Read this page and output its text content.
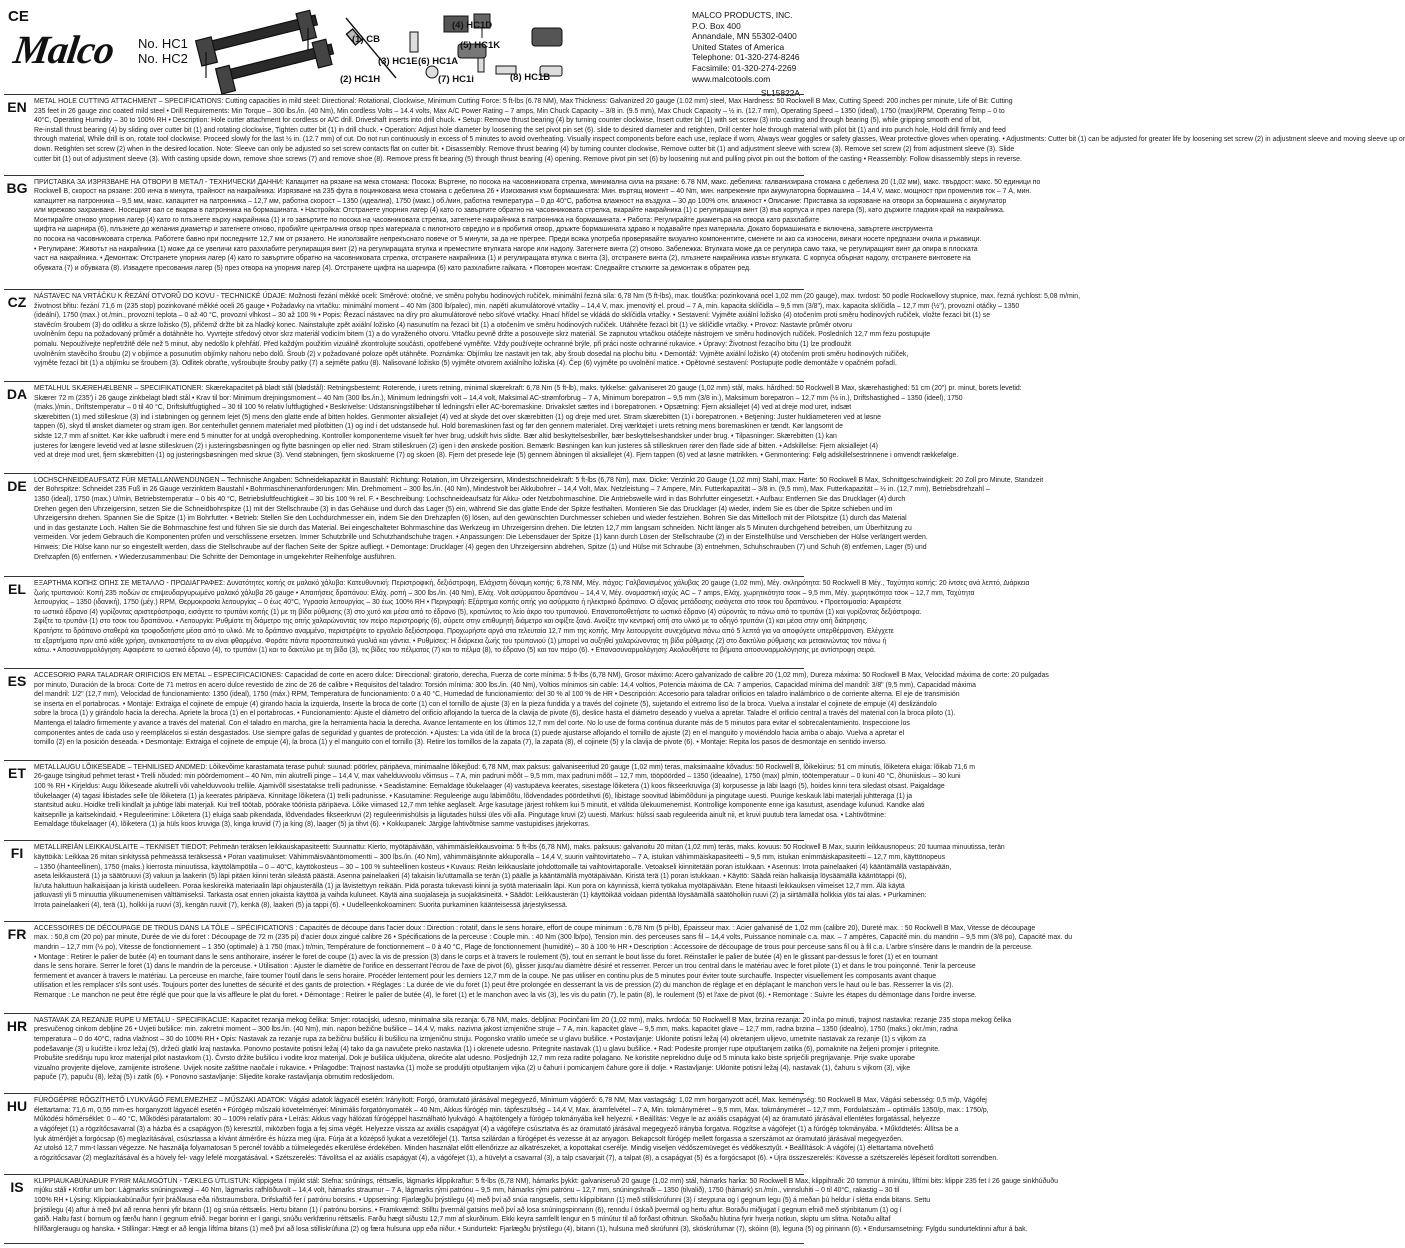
CE
Malco No. HC1
No. HC2
(1) CB
(2) HC1H
(3) HC1E
(4) HC1D
(5) HC1K
(6) HC1A
(7) HC1i	(8) HC1B
MALCO PRODUCTS, INC.
P.O. Box 400
Annandale, MN 55302-0400
United States of America
Telephone: 01-320-274-8246
Facsimile: 01-320-274-2269
www.malcotools.com
SL15822A
EN	METAL HOLE CUTTING ATTACHMENT – SPECIFICATIONS: Cutting capacities in mild steel: Directional: Rotational, Clockwise, Minimum Cutting Force: 5 ft-lbs (6.78 NM), Max Thickness: Galvanized 20 gauge (1.02 mm) steel, Max Hardness: 50 Rockwell B Max, Cutting Speed: 200 inches per minute, Life of Bit: Cutting
235 feet in 26 gauge zinc coated mild steel • Drill Requirements: Min Torque – 300 lbs./in. (40 Nm), Min cordless Volts – 14.4 volts, Max A/C Power Rating – 7 amps, Min Chuck Capacity – 3/8 in. (9.5 mm), Max Chuck Capacity – ½ in. (12.7 mm), Operating Speed – 1350 (ideal), 1750 (max)/RPM, Operating Temp – 0 to
40°C, Operating Humidity – 30 to 100% RH • Description: Hole cutter attachment for cordless or A/C drill. Driveshaft inserts into drill chuck. • Setup: Remove thrust bearing (4) by turning counter clockwise, Insert cutter bit (1) with set screw (3) into casting and through bearing (5), while gripping smooth end of bit,
Re-install thrust bearing (4) by sliding over cutter bit (1) and rotating clockwise, Tighten cutter bit (1) in drill chuck. • Operation: Adjust hole diameter by loosening the set pivot pin set (6). slide to desired diameter and retighten, Drill center hole through material with pilot bit (1) and into punch hole, Hold drill firmly and feed
through material, While drill is on, rotate tool clockwise. Proceed slowly for the last ½ in. (12.7 mm) of cut. Do not run continuously in excess of 5 minutes to avoid overheating. Visually inspect components before each use, replace if worn, Always wear goggles or safety glasses, Wear protective gloves when operating. • Adjustments: Cutter bit (1) can be adjusted for greater life by loosening set screw (2) in adjustment sleeve and moving sleeve up or
down. Retighten set screw (2) when in the desired location. Note: Sleeve can only be adjusted so set screw contacts flat on cutter bit. • Disassembly: Remove thrust bearing (4) by turning counter clockwise, Remove cutter bit (1) and adjustment sleeve with screw (3). Remove set screw (2) from adjustment sleeve (3). Slide
cutter bit (1) out of adjustment sleeve (3). With casting upside down, remove shoe screws (7) and remove shoe (8). Remove press fit bearing (5) through thrust bearing (4) opening. Remove pivot pin set (6) by loosening nut and pulling pivot pin out the bottom of the casting • Reassembly: Follow disassembly steps in reverse.
BG ПРИСТАВКА ЗА ИЗРЯЗВАНЕ НА ОТВОРИ В МЕТАЛ - ТЕХНИЧЕСКИ ДАННИ: Капацитет на рязане на мека стомана: Посока: Въртене, по посока на часовниковата стрелка, минимална сила на рязане: 6.78 NM, макс. дебелина: галванизирана стомана с дебелина 20 (1,02 мм), макс. твърдост: макс. 50 единици по
Rockwell B, скорост на рязане: 200 инча в минута, трайност на накрайника: Изрязване на 235 фута в поцинкована мека стомана с дебелина 26 • Изисквания към бормашината: Мин. въртящ момент – 40 Nm, мин. напрежение при акумулаторна бормашина – 14,4 V, макс. мощност при променлив ток – 7 А, мин.
капацитет на патронника – 9,5 мм, макс. капацитет на патронника – 12,7 мм, работна скорост – 1350 (идеална), 1750 (макс.) об./мин, работна температура – 0 до 40°C, работна влажност на въздуха – 30 до 100% отн. влажност • Описание: Приставка за изрязване на отвори за бормашина с акумулатор
или мрежово захранване. Носещият вал се вкарва в патронника на бормашината. • Настройка: Отстранете упорния лагер (4) като го завъртите обратно на часовниковата стрелка, вкарайте накрайника (1) с регулиращия винт (3) във корпуса и през лагера (5), като държите гладкия край на накрайника.
Монтирайте отново упорния лагер (4) като го плъзнете върху накрайника (1) и го завъртите по посока на часовниковата стрелка, затегнете накрайника в патронника на бормашината. • Работа: Регулирайте диаметъра на отвора като разхлабите
щифта на шарнира (6), плъзнете до желания диаметър и затегнете отново, пробийте централния отвор през материала с пилотното свредло и в пробития отвор, дръжте бормашината здраво и подавайте през материала. Докато бормашината е включена, завъртете инструмента
по посока на часовниковата стрелка. Работете бавно при последните 12,7 мм от рязането. Не използвайте непрекъснато повече от 5 минути, за да не прегрее. Преди всяка употреба проверявайте визуално компонентите, сменете ги ако са износени, винаги носете предпазни очила и ръкавици.
• Регулиране: Животът на накрайника (1) може да се увеличи като разхлабите регулиращия винт (2) на регулиращата втулка и преместите втулката нагоре или надолу. Затегнете винта (2) отново. Забележка: Втулката може да се регулира само така, че регулиращият винт да опира в плоската
част на накрайника. • Демонтаж: Отстранете упорния лагер (4) като го завъртите обратно на часовниковата стрелка, отстранете накрайника (1) и регулиращата втулка с винта (3), отстранете винта (2), плъзнете накрайника извън втулката. С корпуса обърнат надолу, отстранете винтовете на
обувката (7) и обувката (8). Извадете пресования лагер (5) през отвора на упорния лагер (4). Отстранете щифта на шарнира (6) като разхлабите гайката. • Повторен монтаж: Следвайте стъпките за демонтаж в обратен ред.
CZ	NÁSTAVEC NA VRTÁČKU K ŘEZÁNÍ OTVORŮ DO KOVU - TECHNICKÉ ÚDAJE: Možnosti řezání měkké oceli: Směrové: otočné, ve směru pohybu hodinových ručiček, minimální řezná síla: 6,78 Nm (5 ft-lbs), max. tloušťka: pozinkovaná ocel 1,02 mm (20 gauge), max. tvrdost: 50 podle Rockwellovy stupnice, max. řezná rychlost: 5,08 m/min,
životnost břitu: řezání 71,6 m (235 stop) pozinkované měkké oceli 26 gauge • Požadavky na vrtačku: minimální moment – 40 Nm (300 lb/palec), min. napětí akumulátorové vrtačky – 14,4 V, max. jmenovitý el. proud – 7 A, min. kapacita sklíčidla – 9,5 mm (3/8"), max. kapacita sklíčidla – 12,7 mm (½"), provozní otáčky – 1350
(ideální), 1750 (max.) ot./min., provozní teplota – 0 až 40 °C, provozní vlhkost – 30 až 100 % • Popis: Řezací nástavec na díry pro akumulátorové nebo síťové vrtačky. Hnací hřídel se vkládá do sklíčidla vrtačky. • Sestavení: Vyjměte axiální ložisko (4) otočením proti směru hodinových ručiček, vložte řezací bit (1) se
stavěcím šroubem (3) do odlitku a skrze ložisko (5), přičemž držte bit za hladký konec. Nainstalujte zpět axiální ložisko (4) nasunutím na řezací bit (1) a otočením ve směru hodinových ručiček. Utáhněte řezací bit (1) ve sklíčidle vrtačky. • Provoz: Nastavte průměr otvoru
uvolněním čepu na požadovaný průměr a dotáhněte ho. Vyvrtejte středový otvor skrz materiál vodicím bitem (1) a do vyraženého otvoru. Vrtačku pevně držte a posouvejte skrz materiál. Se zapnutou vrtačkou otáčejte nástrojem ve směru hodinových ručiček. Posledních 12,7 mm řezu postupujte
pomalu. Nepoužívejte nepřetržitě déle než 5 minut, aby nedošlo k přehřátí. Před každým použitím vizuálně zkontrolujte součásti, opotřebené vyměňte. Vždy používejte ochranné brýle, při práci noste ochranné rukavice. • Úpravy: Životnost řezacího bitu (1) lze prodloužit
uvolněním stavěcího šroubu (2) v objímce a posunutím objímky nahoru nebo dolů. Šroub (2) v požadované poloze opět utáhněte. Poznámka: Objímku lze nastavit jen tak, aby šroub dosedal na plochu bitu. • Demontáž: Vyjměte axiální ložisko (4) otočením proti směru hodinových ručiček,
vyjměte řezací bit (1) a objímku se šroubem (3). Odlitek obraťte, vyšroubujte šrouby patky (7) a sejměte patku (8). Nalisované ložisko (5) vyjměte otvorem axiálního ložiska (4). Čep (6) vyjměte po uvolnění matice. • Opětovné sestavení: Postupujte podle demontáže v opačném pořadí.
DA METALHUL SKÆREHÆLBENR – SPECIFIKATIONER: Skærekapacitet på blødt stål (blødstål): Retningsbestemt: Roterende, i urets retning, minimal skærekraft: 6,78 Nm (5 ft-lb), maks. tykkelse: galvaniseret 20 gauge (1,02 mm) stål, maks. hårdhed: 50 Rockwell B Max, skærehastighed: 51 cm (20") pr. minut, borets levetid:
Skærer 72 m (235') i 26 gauge zinkbelagt blødt stål • Krav til bor: Minimum drejningsmoment – 40 Nm (300 lbs./in.), Minimum ledningsfri volt – 14,4 volt, Maksimal AC-strømforbrug – 7 A, Minimum borepatron – 9,5 mm (3/8 in.), Maksimum borepatron – 12,7 mm (½ in.), Driftshastighed – 1350 (ideel), 1750
(maks.)/min., Driftstemperatur – 0 til 40 °C, Driftsluftfugtighed – 30 til 100 % relativ luftfugtighed • Beskrivelse: Udstansningstilbehør til ledningsfri eller AC-boremaskine. Drivakslet sættes ind i borepatronen. • Opsætning: Fjern aksiallejet (4) ved at dreje mod uret, indsæt
skærebitten (1) med stilleskrue (3) ind i støbningen og gennem lejet (5) mens den glatte ende af bitten holdes. Genmonter aksiallejet (4) ved at skyde det over skærebitten (1) og dreje med uret. Stram skærebitten (1) i borepatronen. • Betjening: Juster huldiameteren ved at løsne
tappen (6), skyd til ønsket diameter og stram igen. Bor centerhullet gennem materialet med pilotbitten (1) og ind i det udstansede hul. Hold boremaskinen fast og før den gennem materialet. Drej værktøjet i urets retning mens boremaskinen er tændt. Kør langsomt de
sidste 12,7 mm af snittet. Kør ikke uafbrudt i mere end 5 minutter for at undgå overophedning. Kontroller komponenterne visuelt før hver brug, udskift hvis slidte. Bær altid beskyttelsesbriller, bær beskyttelseshandsker under brug. • Tilpasninger: Skærebitten (1) kan
justeres for længere levetid ved at løsne stilleskruen (2) i justeringsbøsningen og flytte bøsningen op eller ned. Stram stilleskruen (2) igen i den ønskede position. Bemærk: Bøsningen kan kun justeres så stilleskruen rører den flade side af bitten. • Adskillelse: Fjern aksiallejet (4)
ved at dreje mod uret, fjern skærebitten (1) og justeringsbøsningen med skrue (3). Vend støbningen, fjern skoskruerne (7) og skoen (8). Fjern det presede leje (5) gennem åbningen til aksiallejet (4). Fjern tappen (6) ved at løsne møtrikken. • Genmontering: Følg adskillelsestrinnene i omvendt rækkefølge.
DE	LOCHSCHNEIDEAUFSATZ FÜR METALLANWENDUNGEN – Technische Angaben: Schneidekapazität in Baustahl: Richtung: Rotation, im Uhrzeigersinn, Mindestschneidekraft: 5 ft-lbs (6,78 Nm), max. Dicke: Verzinkt 20 Gauge (1,02 mm) Stahl, max. Härte: 50 Rockwell B Max, Schnittgeschwindigkeit: 20 Zoll pro Minute, Standzeit
der Bohrspitze: Schneidet 235 Fuß in 26 Gauge verzinktem Baustahl • Bohrmaschinenanforderungen: Min. Drehmoment – 300 lbs./in. (40 Nm), Mindestvolt bei Akkubohrer – 14,4 Volt, Max. Netzleistung – 7 Ampere, Min. Futterkapazität – 3/8 in. (9,5 mm), Max. Futterkapazität – ½ in. (12,7 mm), Betriebsdrehzahl –
1350 (ideal), 1750 (max.) U/min, Betriebstemperatur – 0 bis 40 °C, Betriebsluftfeuchtigkeit – 30 bis 100 % rel. F. • Beschreibung: Lochschneideaufsatz für Akku- oder Netzbohrmaschine. Die Antriebswelle wird in das Bohrfutter eingesetzt. • Aufbau: Entfernen Sie das Drucklager (4) durch
Drehen gegen den Uhrzeigersinn, setzen Sie die Schneidbohrspitze (1) mit der Stellschraube (3) in das Gehäuse und durch das Lager (5) ein, während Sie das glatte Ende der Spitze festhalten. Montieren Sie das Drucklager (4) wieder, indem Sie es über die Spitze schieben und im
Uhrzeigersinn drehen. Spannen Sie die Spitze (1) im Bohrfutter. • Betrieb: Stellen Sie den Lochdurchmesser ein, indem Sie den Drehzapfen (6) lösen, auf den gewünschten Durchmesser schieben und wieder festziehen. Bohren Sie das Mittelloch mit der Pilotspitze (1) durch das Material
und in das gestanzte Loch. Halten Sie die Bohrmaschine fest und führen Sie sie durch das Material. Bei eingeschalteter Bohrmaschine das Werkzeug im Uhrzeigersinn drehen. Die letzten 12,7 mm langsam schneiden. Nicht länger als 5 Minuten durchgehend betreiben, um Überhitzung zu
vermeiden. Vor jedem Gebrauch die Komponenten prüfen und verschlissene ersetzen. Immer Schutzbrille und Schutzhandschuhe tragen. • Anpassungen: Die Lebensdauer der Spitze (1) kann durch Lösen der Stellschraube (2) in der Einstellhülse und Verschieben der Hülse verlängert werden.
Hinweis: Die Hülse kann nur so eingestellt werden, dass die Stellschraube auf der flachen Seite der Spitze aufliegt. • Demontage: Drucklager (4) gegen den Uhrzeigersinn abdrehen, Spitze (1) und Hülse mit Schraube (3) entnehmen, Schuhschrauben (7) und Schuh (8) entfernen, Lager (5) und
Drehzapfen (6) entfernen. • Wiederzusammenbau: Die Schritte der Demontage in umgekehrter Reihenfolge ausführen.
EL	ΕΞΑΡΤΗΜΑ ΚΟΠΗΣ ΟΠΗΣ ΣΕ ΜΕΤΑΛΛΟ - ΠΡΟΔΙΑΓΡΑΦΕΣ: Δυνατότητες κοπής σε μαλακό χάλυβα: Κατευθυντική: Περιστροφική, δεξιόστροφη, Ελάχιστη δύναμη κοπής: 6,78 NM, Μέγ. πάχος: Γαλβανισμένος χάλυβας 20 gauge (1,02 mm), Μέγ. σκληρότητα: 50 Rockwell B Μέγ., Ταχύτητα κοπής: 20 ίντσες ανά λεπτό, Διάρκεια
ζωής τρυπανιού: Κοπή 235 ποδών σε επιψευδαργυρωμένο μαλακό χάλυβα 26 gauge • Απαιτήσεις δραπάνου: Ελάχ. ροπή – 300 lbs./in. (40 Nm), Ελάχ. Volt ασύρματου δραπάνου – 14,4 V, Μέγ. ονομαστική ισχύς AC – 7 amps, Ελάχ. χωρητικότητα τσοκ – 9,5 mm, Μέγ. χωρητικότητα τσοκ – 12,7 mm, Ταχύτητα
λειτουργίας – 1350 (ιδανική), 1750 (μέγ.) RPM, Θερμοκρασία λειτουργίας – 0 έως 40°C, Υγρασία λειτουργίας – 30 έως 100% RH • Περιγραφή: Εξάρτημα κοπής οπής για ασύρματο ή ηλεκτρικό δράπανο. Ο άξονας μετάδοσης εισάγεται στο τσοκ του δραπάνου. • Προετοιμασία: Αφαιρέστε
το ωστικό έδρανο (4) γυρίζοντας αριστερόστροφα, εισάγετε το τρυπάνι κοπής (1) με τη βίδα ρύθμισης (3) στο χυτό και μέσα από το έδρανο (5), κρατώντας το λείο άκρο του τρυπανιού. Επανατοποθετήστε το ωστικό έδρανο (4) σύροντάς το πάνω από το τρυπάνι (1) και γυρίζοντας δεξιόστροφα.
Σφίξτε το τρυπάνι (1) στο τσοκ του δραπάνου. • Λειτουργία: Ρυθμίστε τη διάμετρο της οπής χαλαρώνοντας τον πείρο περιστροφής (6), σύρετε στην επιθυμητή διάμετρο και σφίξτε ξανά. Ανοίξτε την κεντρική οπή στο υλικό με το οδηγό τρυπάνι (1) και μέσα στην οπή διάτρησης.
Κρατήστε το δράπανο σταθερά και τροφοδοτήστε μέσα από το υλικό. Με το δράπανο αναμμένο, περιστρέψτε το εργαλείο δεξιόστροφα. Προχωρήστε αργά στα τελευταία 12,7 mm της κοπής. Μην λειτουργείτε συνεχόμενα πάνω από 5 λεπτά για να αποφύγετε υπερθέρμανση. Ελέγχετε
τα εξαρτήματα πριν από κάθε χρήση, αντικαταστήστε τα αν είναι φθαρμένα. Φοράτε πάντα προστατευτικά γυαλιά και γάντια. • Ρυθμίσεις: Η διάρκεια ζωής του τρυπανιού (1) μπορεί να αυξηθεί χαλαρώνοντας τη βίδα ρύθμισης (2) στο δακτύλιο ρύθμισης και μετακινώντας τον πάνω ή
κάτω. • Αποσυναρμολόγηση: Αφαιρέστε το ωστικό έδρανο (4), το τρυπάνι (1) και το δακτύλιο με τη βίδα (3), τις βίδες του πέλματος (7) και το πέλμα (8), το έδρανο (5) και τον πείρο (6). • Επανασυναρμολόγηση: Ακολουθήστε τα βήματα αποσυναρμολόγησης με αντίστροφη σειρά.
ES	ACCESORIO PARA TALADRAR ORIFICIOS EN METAL – ESPECIFICACIONES: Capacidad de corte en acero dulce: Direccional: giratorio, derecha, Fuerza de corte mínima: 5 ft-lbs (6,78 NM), Grosor máximo: Acero galvanizado de calibre 20 (1,02 mm), Dureza máxima: 50 Rockwell B Max, Velocidad máxima de corte: 20 pulgadas
por minuto, Duración de la broca: Corte de 71 metros en acero dulce revestido de zinc de 26 de calibre • Requisitos del taladro: Torsión mínima: 300 lbs./in. (40 Nm), Voltios mínimos sin cable: 14,4 voltios, Potencia máxima de CA: 7 amperios, Capacidad mínima del mandril: 3/8" (9,5 mm), Capacidad máxima
del mandril: 1/2" (12,7 mm), Velocidad de funcionamiento: 1350 (ideal), 1750 (máx.) RPM, Temperatura de funcionamiento: 0 a 40 °C, Humedad de funcionamiento: del 30 % al 100 % de HR • Descripción: Accesorio para taladrar orificios en taladro inalámbrico o de corriente alterna. El eje de transmisión
se inserta en el portabrocas. • Montaje: Extraiga el cojinete de empuje (4) girando hacia la izquierda, Inserte la broca de corte (1) con el tornillo de ajuste (3) en la pieza fundida y a través del cojinete (5), sujetando el extremo liso de la broca. Vuelva a instalar el cojinete de empuje (4) deslizándolo
sobre la broca (1) y girándolo hacia la derecha. Apriete la broca (1) en el portabrocas. • Funcionamiento: Ajuste el diámetro del orificio aflojando la tuerca de la clavija de pivote (6), deslice hasta el diámetro deseado y vuelva a apretar. Taladre el orificio central a través del material con la broca piloto (1).
Mantenga el taladro firmemente y avance a través del material. Con el taladro en marcha, gire la herramienta hacia la derecha. Avance lentamente en los últimos 12,7 mm del corte. No lo use de forma continua durante más de 5 minutos para evitar el sobrecalentamiento. Inspeccione los
componentes antes de cada uso y reemplácelos si están desgastados. Use siempre gafas de seguridad y guantes de protección. • Ajustes: La vida útil de la broca (1) puede ajustarse aflojando el tornillo de ajuste (2) en el manguito y moviéndolo hacia arriba o abajo. Vuelva a apretar el
tornillo (2) en la posición deseada. • Desmontaje: Extraiga el cojinete de empuje (4), la broca (1) y el manguito con el tornillo (3). Retire los tornillos de la zapata (7), la zapata (8), el cojinete (5) y la clavija de pivote (6). • Montaje: Repita los pasos de desmontaje en sentido inverso.
ET	METALLAUGU LÕIKESEADE – TEHNILISED ANDMED: Lõikevõime karastamata terase puhul: suunad: pöörlev, päripäeva, minimaalne lõikejõud: 6,78 NM, max paksus: galvaniseeritud 20 gauge (1,02 mm) teras, maksimaalne kõvadus: 50 Rockwell B, lõikekiirus: 51 cm minutis, lõiketera eluiga: lõikab 71,6 m
26-gauge tsingitud pehmet terast • Trelli nõuded: min pöördemoment – 40 Nm, min akutrelli pinge – 14,4 V, max vahelduvvoolu võimsus – 7 A, min padruni mõõt – 9,5 mm, max padruni mõõt – 12,7 mm, tööpöörded – 1350 (ideaalne), 1750 (max) p/min, töötemperatuur – 0 kuni 40 °C, õhuniiskus – 30 kuni
100 % RH • Kirjeldus: Augu lõikeseade akutrelli või vahelduvvoolu trellile. Ajamivõll sisestatakse trelli padrunisse. • Seadistamine: Eemaldage tõukelaager (4) vastupäeva keerates, sisestage lõiketera (1) koos fikseerkruviga (3) korpusesse ja läbi laagri (5), hoides kinni tera siledast otsast. Paigaldage
tõukelaager (4) tagasi libistades selle üle lõiketera (1) ja keerates päripäeva. Kinnitage lõiketera (1) trelli padrunisse. • Kasutamine: Reguleerige augu läbimõõtu, lõdvendades pöördetihvti (6), libistage soovitud läbimõõduni ja pingutage uuesti. Puurige keskauk läbi materjali juhtteraga (1) ja
stantsitud auku. Hoidke trelli kindlalt ja juhtige läbi materjali. Kui trell töötab, pöörake tööriista päripäeva. Lõike viimased 12,7 mm tehke aeglaselt. Ärge kasutage järjest rohkem kui 5 minutit, et vältida ülekuumenemist. Kontrollige komponente enne iga kasutust, asendage kulunud. Kandke alati
kaitseprille ja kaitsekindaid. • Reguleerimine: Lõiketera (1) eluiga saab pikendada, lõdvendades fikseerkruvi (2) reguleerimishülsis ja liigutades hülssi üles või alla. Pingutage kruvi (2) uuesti. Märkus: hülssi saab reguleerida ainult nii, et kruvi puutub tera lamedat osa. • Lahtivõtmine:
Eemaldage tõukelaager (4), lõiketera (1) ja hüls koos kruviga (3), kinga kruvid (7) ja king (8), laager (5) ja tihvt (6). • Kokkupanek: Järgige lahtivõtmise samme vastupidises järjekorras.
FI	METALLIREIÄN LEIKKAUSLAITE – TEKNISET TIEDOT: Pehmeän teräksen leikkauskapasiteetti: Suunnattu: Kierto, myötäpäivään, vähimmäisleikkausvoima: 5 ft-lbs (6,78 NM), maks. paksuus: galvanoitu 20 mitan (1,02 mm) teräs, maks. kovuus: 50 Rockwell B Max, suurin leikkausnopeus: 20 tuumaa minuutissa, terän
käyttöikä: Leikkaa 26 mitan sinkityssä pehmeässä teräksessä • Poran vaatimukset: Vähimmäisvääntömomentti – 300 lbs./in. (40 Nm), vähimmäisjännite akkuporalla – 14,4 V, suurin vaihtovirtateho – 7 A, istukan vähimmäiskapasiteetti – 9,5 mm, istukan enimmäiskapasiteetti – 12,7 mm, käyttönopeus
– 1350 (ihanteellinen), 1750 (maks.) kierrosta minuutissa, käyttölämpötila – 0 – 40°C, käyttökosteus – 30 – 100 % suhteellinen kosteus • Kuvaus: Reiän leikkauslaite johdottomalle tai vaihtovirtaporalle. Vetoakseli kiinnitetään poran istukkaan. • Asennus: Irrota painelaakeri (4) kääntämällä vastapäivään,
aseta leikkausterä (1) ja säätöruuvi (3) valuun ja laakerin (5) läpi pitäen kiinni terän sileästä päästä. Asenna painelaakeri (4) takaisin liu'uttamalla se terän (1) päälle ja kääntämällä myötäpäivään. Kiristä terä (1) poran istukkaan. • Käyttö: Säädä reiän halkaisija löysäämällä kääntötappi (6),
liu'uta haluttuun halkaisijaan ja kiristä uudelleen. Poraa keskireikä materiaalin läpi ohjausterällä (1) ja lävistettyyn reikään. Pidä porasta tukevasti kiinni ja syötä materiaalin läpi. Kun pora on käynnissä, kierrä työkalua myötäpäivään. Etene hitaasti leikkauksen viimeiset 12,7 mm. Älä käytä
jatkuvasti yli 5 minuuttia ylikuumenemisen välttämiseksi. Tarkasta osat ennen jokaista käyttöä ja vaihda kuluneet. Käytä aina suojalaseja ja suojakäsineitä. • Säädöt: Leikkausterän (1) käyttöikää voidaan pidentää löysäämällä säätöholkin ruuvi (2) ja siirtämällä holkkia ylös tai alas. • Purkaminen:
Irrota painelaakeri (4), terä (1), holkki ja ruuvi (3), kengän ruuvit (7), kenkä (8), laakeri (5) ja tappi (6). • Uudelleenkokoaminen: Suorita purkaminen käänteisessä järjestyksessä.
FR	ACCESSOIRES DE DÉCOUPAGE DE TROUS DANS LA TÔLE – SPÉCIFICATIONS : Capacités de découpe dans l'acier doux : Direction : rotatif, dans le sens horaire, effort de coupe minimum : 6,78 Nm (5 pi-lb), Épaisseur max. : Acier galvanisé de 1,02 mm (calibre 20), Dureté max. : 50 Rockwell B Max, Vitesse de découpage
max. : 50,8 cm (20 po) par minute, Durée de vie du foret : Découpage de 72 m (235 pi) d'acier doux zingué calibre 26 • Spécifications de la perceuse : Couple min. : 40 Nm (300 lb/po), Tension min. des perceuses sans fil – 14,4 volts, Puissance nominale c.a. max. – 7 ampères, Capacité min. du mandrin – 9,5 mm (3/8 po), Capacité max. du
mandrin – 12,7 mm (½ po), Vitesse de fonctionnement – 1 350 (optimale) à 1 750 (max.) tr/min, Température de fonctionnement – 0 à 40 °C, Plage de fonctionnement (humidité) – 30 à 100 % HR • Description : Accessoire de découpage de trous pour perceuse sans fil ou à fil c.a. L'arbre s'insère dans le mandrin de la perceuse.
• Montage : Retirer le palier de butée (4) en tournant dans le sens antihoraire, insérer le foret de coupe (1) avec la vis de pression (3) dans le corps et à travers le roulement (5), tout en serrant le bout lisse du foret. Réinstaller le palier de butée (4) en le glissant par-dessus le foret (1) et en tournant
dans le sens horaire. Serrer le foret (1) dans le mandrin de la perceuse. • Utilisation : Ajuster le diamètre de l'orifice en desserrant l'écrou de l'axe de pivot (6), glisser jusqu'au diamètre désiré et resserrer. Percer un trou central dans le matériau avec le foret pilote (1) et dans le trou poinçonné. Tenir la perceuse
fermement et avancer à travers le matériau. La perceuse en marche, faire tourner l'outil dans le sens horaire. Procéder lentement pour les derniers 12,7 mm de la coupe. Ne pas utiliser en continu plus de 5 minutes pour éviter toute surchauffe. Inspecter visuellement les composants avant chaque
utilisation et les remplacer s'ils sont usés. Toujours porter des lunettes de sécurité et des gants de protection. • Réglages : La durée de vie du foret (1) peut être prolongée en desserrant la vis de pression (2) du manchon de réglage et en déplaçant le manchon vers le haut ou le bas. Resserrer la vis (2).
Remarque : Le manchon ne peut être réglé que pour que la vis affleure le plat du foret. • Démontage : Retirer le palier de butée (4), le foret (1) et le manchon avec la vis (3), les vis du patin (7), le patin (8), le roulement (5) et l'axe de pivot (6). • Remontage : Suivre les étapes du démontage dans l'ordre inverse.
HR NASTAVAK ZA REZANJE RUPE U METALU - SPECIFIKACIJE: Kapacitet rezanja mekog čelika: Smjer: rotacijski, udesno, minimalna sila rezanja: 6,78 NM, maks. debljina: Pocinčani lim 20 (1,02 mm), maks. tvrdoća: 50 Rockwell B Max, brzina rezanja: 20 inča po minuti, trajnost nastavka: rezanje 235 stopa mekog čelika
presvučenog cinkom debljine 26 • Uvjeti bušilice: min. zakretni moment – 300 lbs./in. (40 Nm), min. napon bežične bušilice – 14,4 V, maks. nazivna jakost izmjenične struje – 7 A, min. kapacitet glave – 9,5 mm, maks. kapacitet glave – 12,7 mm, radna brzina – 1350 (idealno), 1750 (maks.) okr./min, radna
temperatura – 0 do 40°C, radna vlažnost – 30 do 100% RH • Opis: Nastavak za rezanje rupa za bežičnu bušilicu ili bušilicu na izmjeničnu struju. Pogonsko vratilo umeće se u glavu bušilice. • Postavljanje: Uklonite potisni ležaj (4) okretanjem ulijevo, umetnite nastavak za rezanje (1) s vijkom za
podešavanje (3) u kućište i kroz ležaj (5), držeći glatki kraj nastavka. Ponovno postavite potisni ležaj (4) tako da ga navučete preko nastavka (1) i okrenete udesno. Pritegnite nastavak (1) u glavu bušilice. • Rad: Podesite promjer rupe otpuštanjem zatika (6), pomaknite na željeni promjer i pritegnite.
Probušite središnju rupu kroz materijal pilot nastavkom (1). Čvrsto držite bušilicu i vodite kroz materijal. Dok je bušilica uključena, okrećite alat udesno. Posljednjih 12,7 mm reza radite polagano. Ne koristite neprekidno dulje od 5 minuta kako biste spriječili pregrijavanje. Prije svake uporabe
vizualno provjerite dijelove, zamijenite istrošene. Uvijek nosite zaštitne naočale i rukavice. • Prilagodbe: Trajnost nastavka (1) može se produljiti otpuštanjem vijka (2) u čahuri i pomicanjem čahure gore ili dolje. • Rastavljanje: Uklonite potisni ležaj (4), nastavak (1), čahuru s vijkom (3), vijke
papuče (7), papuču (8), ležaj (5) i zatik (6). • Ponovno sastavljanje: Slijedite korake rastavljanja obrnutim redoslijedom.
HU FÚRÓGÉPRE RÖGZÍTHETŐ LYUKVÁGÓ FEMLEMEZHEZ – MŰSZAKI ADATOK: Vágási adatok lágyacél esetén: Irányított: Forgó, óramutató járásával megegyező, Minimum vágóerő: 6,78 NM, Max vastagság: 1,02 mm horganyzott acél, Max. keménység: 50 Rockwell B Max, Vágási sebesség: 0,5 m/p, Vágófej
élettartama: 71,6 m, 0,55 mm-es horganyzott lágyacél esetén • Fúrógép műszaki követelményei: Minimális forgatónyomaték – 40 Nm, Akkus fúrógép min. tápfeszültség – 14,4 V, Max. áramfelvétel – 7 A, Min. tokmányméret – 9,5 mm, Max. tokmányméret – 12,7 mm, Fordulatszám – optimális 1350/p, max.: 1750/p,
Működési hőmérséklet: 0 – 40 °C, Működési páratartalom: 30 – 100% relatív pára • Leírás: Akkus vagy hálózati fúrógéppel használható lyukvágó. A hajtótengely a fúrógép tokmányába kell helyezni. • Beállítás: Vegye le az axiális csapágyat (4) az óramutató járásával ellentétes forgatással, helyezze
a vágófejet (1) a rögzítőcsavarral (3) a házba és a csapágyon (5) keresztül, miközben fogja a fej sima végét. Helyezze vissza az axiális csapágyat (4) a vágófejre csúsztatva és az óramutató járásával megegyező irányba forgatva. Rögzítse a vágófejet (1) a fúrógép tokmányába. • Működtetés: Állítsa be a
lyuk átmérőjét a forgócsap (6) meglazításával, csúsztassa a kívánt átmérőre és húzza meg újra. Fúrja át a középső lyukat a vezetőfejjel (1). Tartsa szilárdan a fúrógépet és vezesse át az anyagon. Bekapcsolt fúrógép mellett forgassa a szerszámot az óramutató járásával megegyezően.
Az utolsó 12,7 mm-t lassan végezze. Ne használja folyamatosan 5 percnél tovább a túlmelegedés elkerülése érdekében. Minden használat előtt ellenőrizze az alkatrészeket, a kopottakat cserélje. Mindig viseljen védőszemüveget és védőkesztyűt. • Beállítások: A vágófej (1) élettartama növelhető
a rögzítőcsavar (2) meglazításával és a hüvely fel- vagy lefelé mozgatásával. • Szétszerelés: Távolítsa el az axiális csapágyat (4), a vágófejet (1), a hüvelyt a csavarral (3), a talp csavarjait (7), a talpat (8), a csapágyat (5) és a forgócsapot (6). • Újra összeszerelés: Kövesse a szétszerelés lépéseit fordított sorrendben.
IS	KLIPPIAUKABÚNAÐUR FYRIR MÁLMGÖTUN - TÆKLEG ÚTLISTUN: Klippigeta í mjúkt stál: Stefna: snúnings, réttsælis, lágmarks klippikraftur: 5 ft-lbs (6,78 NM), hámarks þykkt: galvaniseruð 20 gauge (1,02 mm) stál, hámarks harka: 50 Rockwell B Max, klippihraði: 20 tommur á mínútu, líftími bits: klippir 235 fet í 26 gauge sinkhúðuðu
mjúku stáli • Kröfur um bor: Lágmarks snúningsvægi – 40 Nm, lágmarks rafhlöðuvolt – 14,4 volt, hámarks straumur – 7 A, lágmarks rými patrónu – 9,5 mm, hámarks rými patrónu – 12,7 mm, snúningshraði – 1350 (tilvalið), 1750 (hámark) sn./mín., vinnsluhiti – 0 til 40°C, rakastig – 30 til
100% RH • Lýsing: Klippiaukabúnaður fyrir þráðlausa eða riðstraumsbora. Drifskaftið fer í patrónu borsins. • Uppsetning: Fjarlægðu þrýstilegu (4) með því að snúa rangsælis, settu klippibitann (1) með stilliskrúfunni (3) í steypuna og í gegnum legu (5) á meðan þú heldur í slétta enda bitans. Settu
þrýstilegu (4) aftur á með því að renna henni yfir bitann (1) og snúa réttsælis. Hertu bitann (1) í patrónu borsins. • Framkvæmd: Stilltu þvermál gatsins með því að losa snúningspinnann (6), renndu í óskað þvermál og hertu aftur. Boraðu miðjugat í gegnum efnið með stýribitanum (1) og í
gatið. Haltu fast í bornum og færðu hann í gegnum efnið. Þegar borinn er í gangi, snúðu verkfærinu réttsælis. Farðu hægt síðustu 12,7 mm af skurðinum. Ekki keyra samfellt lengur en 5 mínútur til að forðast ofhitnun. Skoðaðu hlutina fyrir hverja notkun, skiptu um slitna. Notaðu alltaf
hlífðargleraugu og hanska. • Stillingar: Hægt er að lengja líftíma bitans (1) með því að losa stilliskrúfuna (2) og færa hulsuna upp eða niður. • Sundurtekt: Fjarlægðu þrýstilegu (4), bitann (1), hulsuna með skrúfunni (3), skóskrúfurnar (7), skóinn (8), leguna (5) og pinnann (6). • Endursamsetning: Fylgdu sundurtektinni aftur á bak.
